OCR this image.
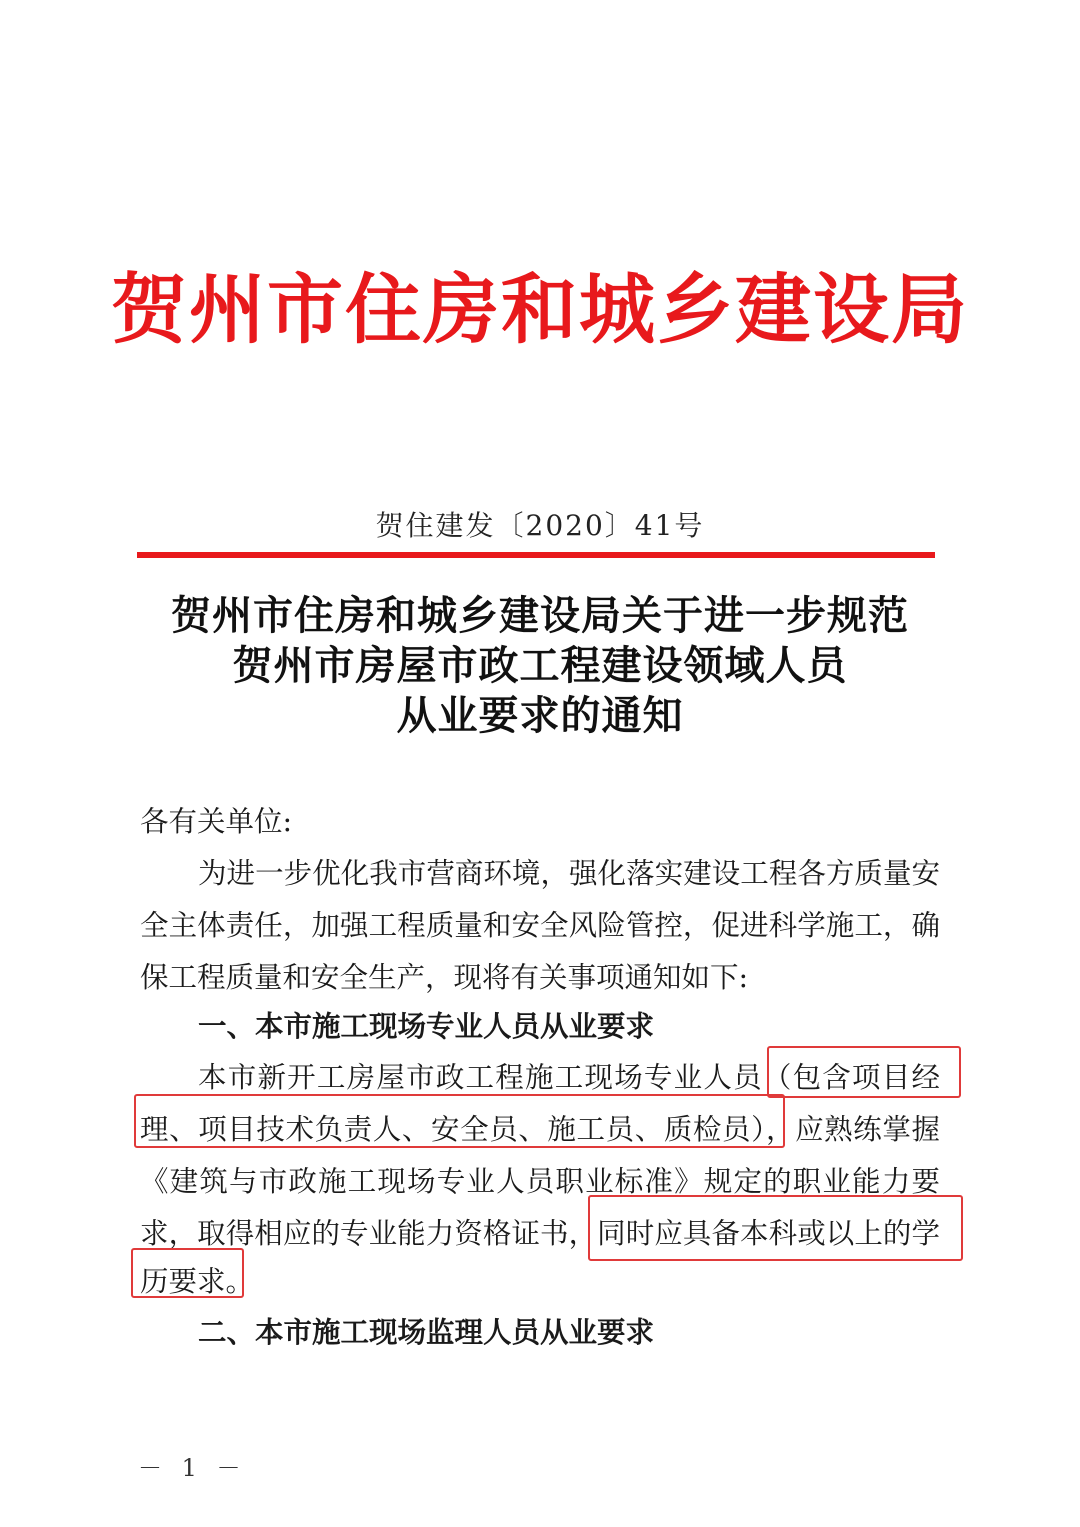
贺州市住房和城乡建设局
贺住建发〔2020〕41号
贺州市住房和城乡建设局关于进一步规范
贺州市房屋市政工程建设领域人员
从业要求的通知
各有关单位:
为进一步优化我市营商环境，强化落实建设工程各方质量安
全主体责任，加强工程质量和安全风险管控，促进科学施工，确
保工程质量和安全生产，现将有关事项通知如下:
一、本市施工现场专业人员从业要求
本市新开工房屋市政工程施工现场专业人员（包含项目经
理、项目技术负责人、安全员、施工员、质检员），应熟练掌握
《建筑与市政施工现场专业人员职业标准》规定的职业能力要
求，取得相应的专业能力资格证书，同时应具备本科或以上的学
历要求。
二、本市施工现场监理人员从业要求
－ 1 －
